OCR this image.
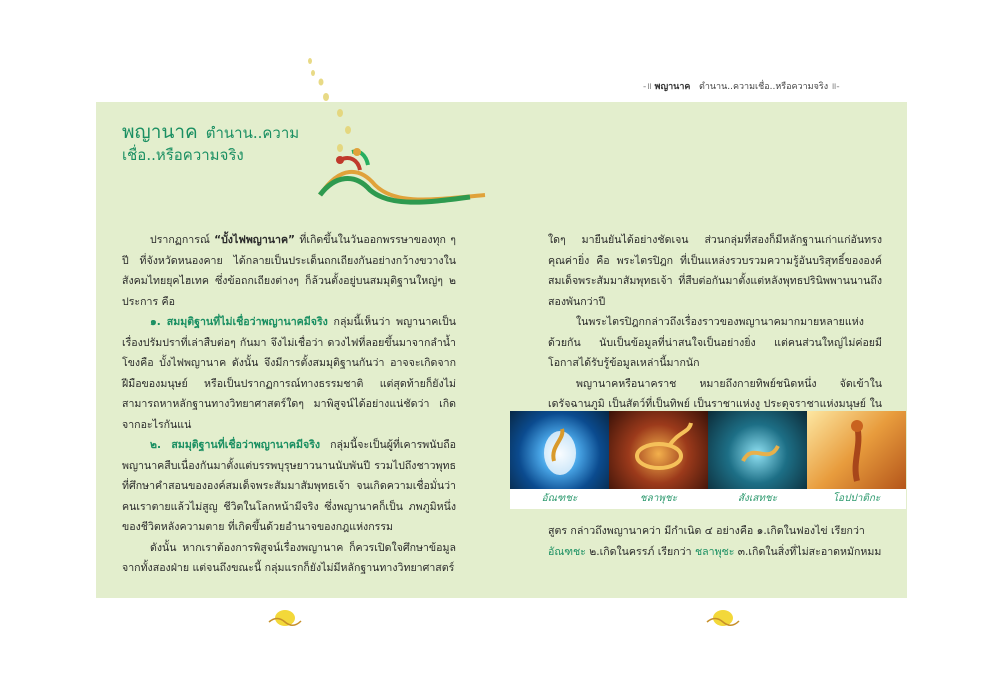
-॥ พญานาค ตำนาน..ความเชื่อ..หรือความจริง ॥-
พญานาค ตำนาน..ความ
เชื่อ..หรือความจริง

ปรากฏการณ์ “บั้งไฟพญานาค” ที่เกิดขึ้นในวันออกพรรษาของทุก ๆ ปี ที่จังหวัดหนองคาย ได้กลายเป็นประเด็นถกเถียงกันอย่างกว้างขวางในสังคมไทยยุคไฮเทค ซึ่งข้อถกเถียงต่างๆ ก็ล้วนตั้งอยู่บนสมมุติฐานใหญ่ๆ ๒ ประการ คือ

๑. สมมุติฐานที่ไม่เชื่อว่าพญานาคมีจริง กลุ่มนี้เห็นว่า พญานาคเป็นเรื่องปรัมปราที่เล่าสืบต่อๆ กันมา จึงไม่เชื่อว่า ดวงไฟที่ลอยขึ้นมาจากลำน้ำโขงคือ บั้งไฟพญานาค ดังนั้น จึงมีการตั้งสมมุติฐานกันว่า อาจจะเกิดจากฝีมือของมนุษย์ หรือเป็นปรากฏการณ์ทางธรรมชาติ แต่สุดท้ายก็ยังไม่สามารถหาหลักฐานทางวิทยาศาสตร์ใดๆ มาพิสูจน์ได้อย่างแน่ชัดว่า เกิดจากอะไรกันแน่

๒. สมมุติฐานที่เชื่อว่าพญานาคมีจริง กลุ่มนี้จะเป็นผู้ที่เคารพนับถือพญานาคสืบเนื่องกันมาตั้งแต่บรรพบุรุษยาวนานนับพันปี รวมไปถึงชาวพุทธที่ศึกษาคำสอนขององค์สมเด็จพระสัมมาสัมพุทธเจ้า จนเกิดความเชื่อมั่นว่า คนเราตายแล้วไม่สูญ ชีวิตในโลกหน้ามีจริง ซึ่งพญานาคก็เป็น ภพภูมิหนึ่งของชีวิตหลังความตาย ที่เกิดขึ้นด้วยอำนาจของกฎแห่งกรรม

ดังนั้น หากเราต้องการพิสูจน์เรื่องพญานาค ก็ควรเปิดใจศึกษาข้อมูลจากทั้งสองฝ่าย แต่จนถึงขณะนี้ กลุ่มแรกก็ยังไม่มีหลักฐานทางวิทยาศาสตร์

ใดๆ มายืนยันได้อย่างชัดเจน ส่วนกลุ่มที่สองก็มีหลักฐานเก่าแก่อันทรงคุณค่ายิ่ง คือ พระไตรปิฎก ที่เป็นแหล่งรวบรวมความรู้อันบริสุทธิ์ขององค์สมเด็จพระสัมมาสัมพุทธเจ้า ที่สืบต่อกันมาตั้งแต่หลังพุทธปรินิพพานนานถึงสองพันกว่าปี

ในพระไตรปิฎกกล่าวถึงเรื่องราวของพญานาคมากมายหลายแห่ง ด้วยกัน นับเป็นข้อมูลที่น่าสนใจเป็นอย่างยิ่ง แต่คนส่วนใหญ่ไม่ค่อยมีโอกาสได้รับรู้ข้อมูลเหล่านี้มากนัก

พญานาคหรือนาคราช หมายถึงกายทิพย์ชนิดหนึ่ง จัดเข้าในเดรัจฉานภูมิ เป็นสัตว์ที่เป็นทิพย์ เป็นราชาแห่งงู ประดุจราชาแห่งมนุษย์ ใน

อัณฑชะ	ชลาพุชะ	สังเสทชะ	โอปปาติกะ
สูตร กล่าวถึงพญานาคว่า มีกำเนิด ๔ อย่างคือ ๑.เกิดในฟองไข่ เรียกว่า อัณฑชะ ๒.เกิดในครรภ์ เรียกว่า ชลาพุชะ ๓.เกิดในสิ่งที่ไม่สะอาดหมักหมม
